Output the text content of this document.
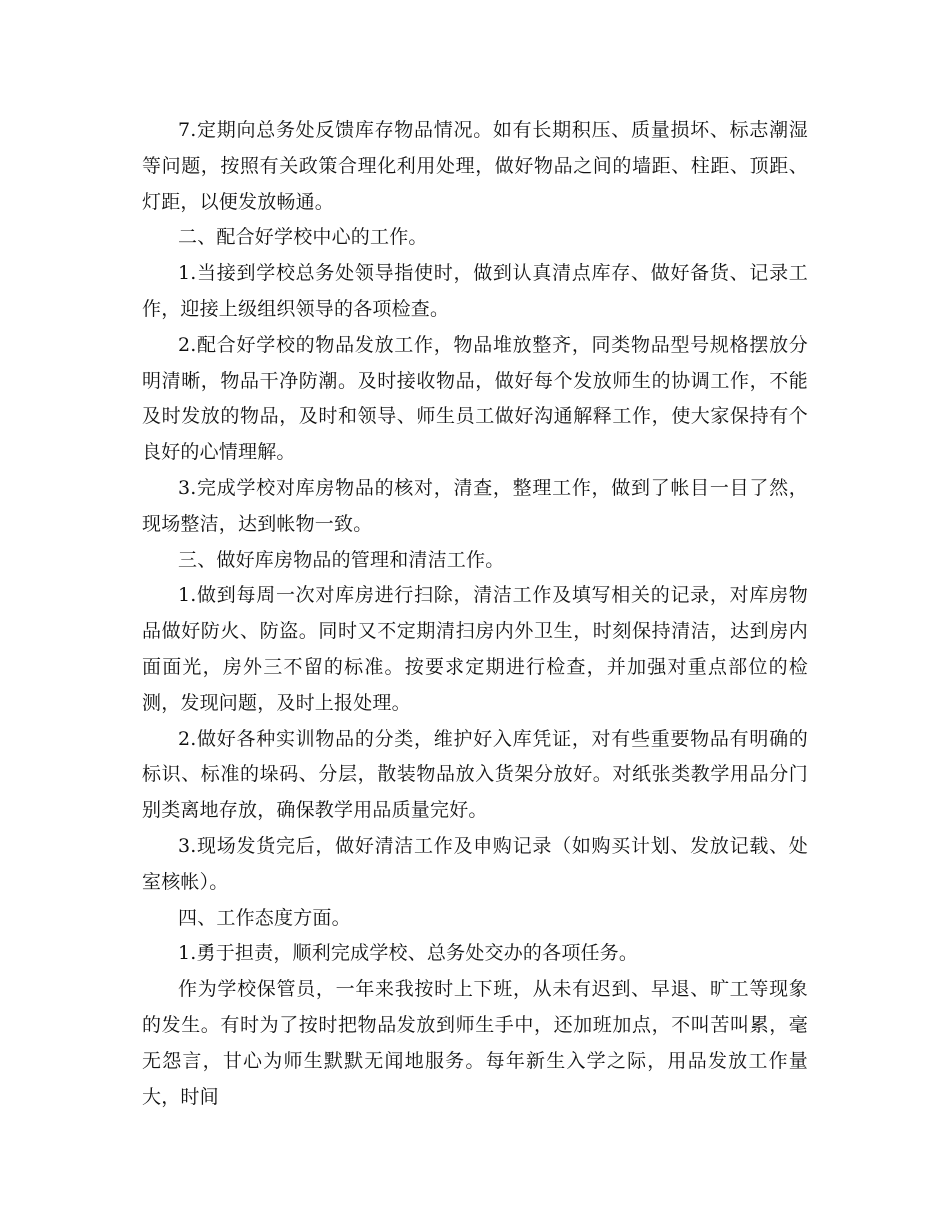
7.定期向总务处反馈库存物品情况。如有长期积压、质量损坏、标志潮湿等问题，按照有关政策合理化利用处理，做好物品之间的墙距、柱距、顶距、灯距，以便发放畅通。

二、配合好学校中心的工作。

1.当接到学校总务处领导指使时，做到认真清点库存、做好备货、记录工作，迎接上级组织领导的各项检查。

2.配合好学校的物品发放工作，物品堆放整齐，同类物品型号规格摆放分明清晰，物品干净防潮。及时接收物品，做好每个发放师生的协调工作，不能及时发放的物品，及时和领导、师生员工做好沟通解释工作，使大家保持有个良好的心情理解。

3.完成学校对库房物品的核对，清查，整理工作，做到了帐目一目了然，现场整洁，达到帐物一致。

三、做好库房物品的管理和清洁工作。

1.做到每周一次对库房进行扫除，清洁工作及填写相关的记录，对库房物品做好防火、防盗。同时又不定期清扫房内外卫生，时刻保持清洁，达到房内面面光，房外三不留的标准。按要求定期进行检查，并加强对重点部位的检测，发现问题，及时上报处理。

2.做好各种实训物品的分类，维护好入库凭证，对有些重要物品有明确的标识、标准的垛码、分层，散装物品放入货架分放好。对纸张类教学用品分门别类离地存放，确保教学用品质量完好。

3.现场发货完后，做好清洁工作及申购记录（如购买计划、发放记载、处室核帐）。

四、工作态度方面。

1.勇于担责，顺利完成学校、总务处交办的各项任务。

作为学校保管员，一年来我按时上下班，从未有迟到、早退、旷工等现象的发生。有时为了按时把物品发放到师生手中，还加班加点，不叫苦叫累，毫无怨言，甘心为师生默默无闻地服务。每年新生入学之际，用品发放工作量大，时间
